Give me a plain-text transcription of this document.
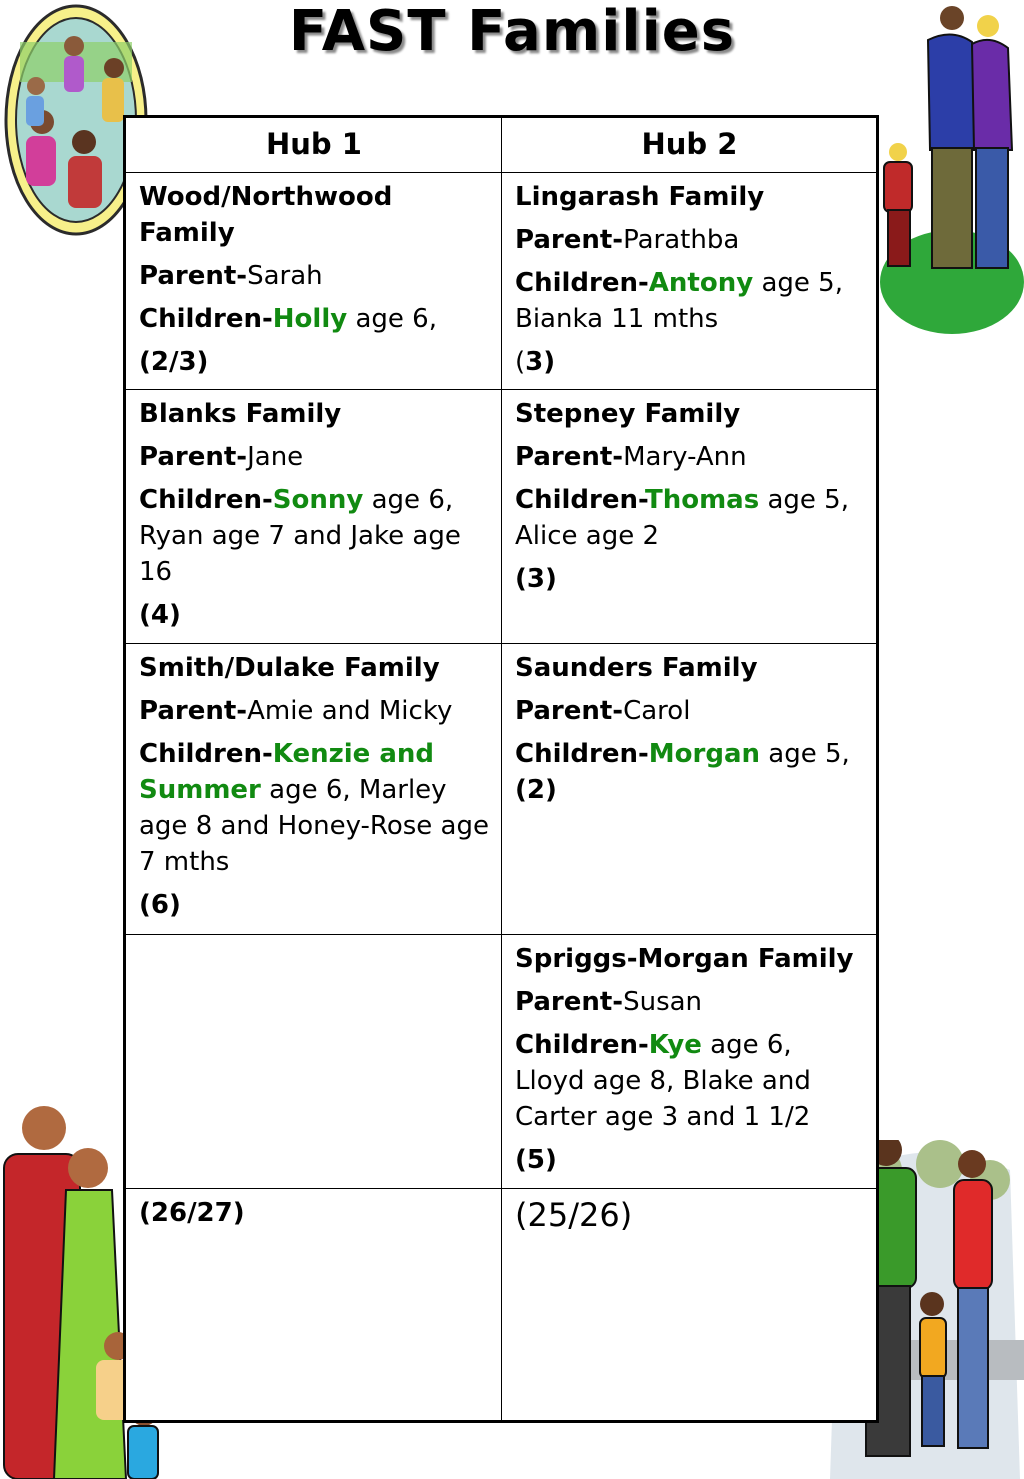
FAST Families
Hub 1	Hub 2
Wood/Northwood Family
Parent-Sarah
Children-Holly age 6,
(2/3)
Lingarash Family
Parent-Parathba
Children-Antony age 5, Bianka 11 mths
(3)
Blanks Family
Parent-Jane
Children-Sonny age 6, Ryan age 7 and Jake age 16
(4)
Stepney Family
Parent-Mary-Ann
Children-Thomas age 5, Alice age 2
(3)
Smith/Dulake Family
Parent-Amie and Micky
Children-Kenzie and Summer age 6, Marley age 8 and Honey-Rose age 7 mths
(6)
Saunders Family
Parent-Carol
Children-Morgan age 5,
(2)
Spriggs-Morgan Family
Parent-Susan
Children-Kye age 6, Lloyd age 8, Blake and Carter age 3 and 1 1/2
(5)
(26/27)	(25/26)
